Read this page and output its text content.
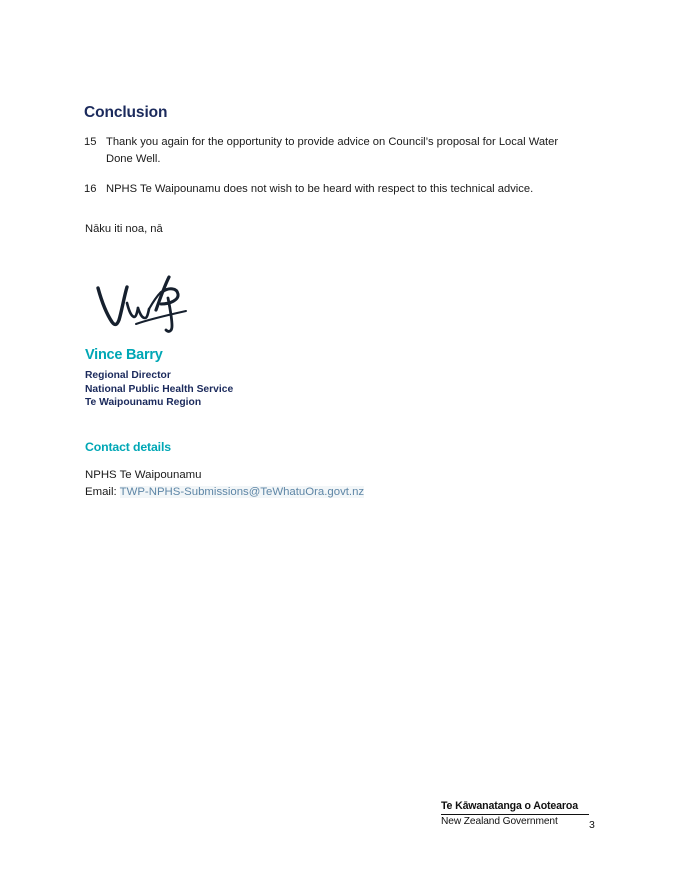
Conclusion
15 Thank you again for the opportunity to provide advice on Council’s proposal for Local Water Done Well.
16 NPHS Te Waipounamu does not wish to be heard with respect to this technical advice.
Nāku iti noa, nā
Vince Barry
Regional Director
National Public Health Service
Te Waipounamu Region
Contact details
NPHS Te Waipounamu
Email: TWP-NPHS-Submissions@TeWhatuOra.govt.nz
Te Kāwanatanga o Aotearoa
New Zealand Government	3
